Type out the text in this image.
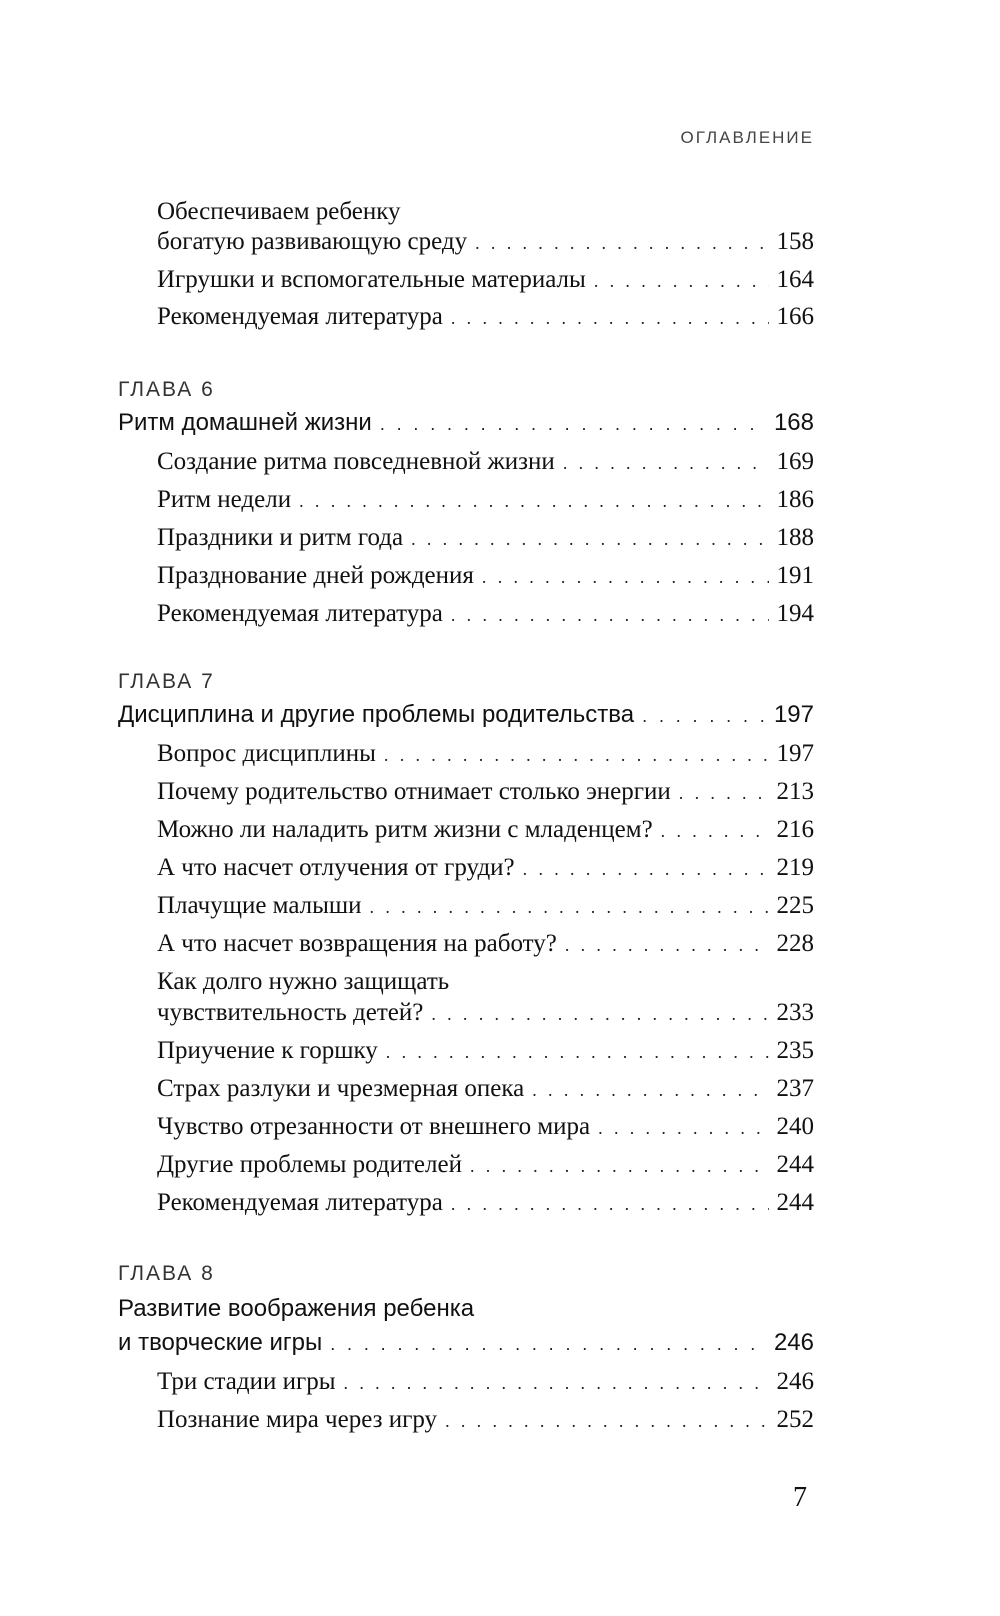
ОГЛАВЛЕНИЕ
Обеспечиваем ребенку
богатую развивающую среду . . .	158
Игрушки и вспомогательные материалы . . .	164
Рекомендуемая литература . . .	166
ГЛАВА 6
Ритм домашней жизни . . .	168
Создание ритма повседневной жизни . . .	169
Ритм недели . . .	186
Праздники и ритм года . . .	188
Празднование дней рождения . . .	191
Рекомендуемая литература . . .	194
ГЛАВА 7
Дисциплина и другие проблемы родительства . . .	197
Вопрос дисциплины . . .	197
Почему родительство отнимает столько энергии . . .	213
Можно ли наладить ритм жизни с младенцем? . . .	216
А что насчет отлучения от груди? . . .	219
Плачущие малыши . . .	225
А что насчет возвращения на работу? . . .	228
Как долго нужно защищать
чувствительность детей? . . .	233
Приучение к горшку . . .	235
Страх разлуки и чрезмерная опека . . .	237
Чувство отрезанности от внешнего мира . . .	240
Другие проблемы родителей . . .	244
Рекомендуемая литература . . .	244
ГЛАВА 8
Развитие воображения ребенка
и творческие игры . . .	246
Три стадии игры . . .	246
Познание мира через игру . . .	252
7
